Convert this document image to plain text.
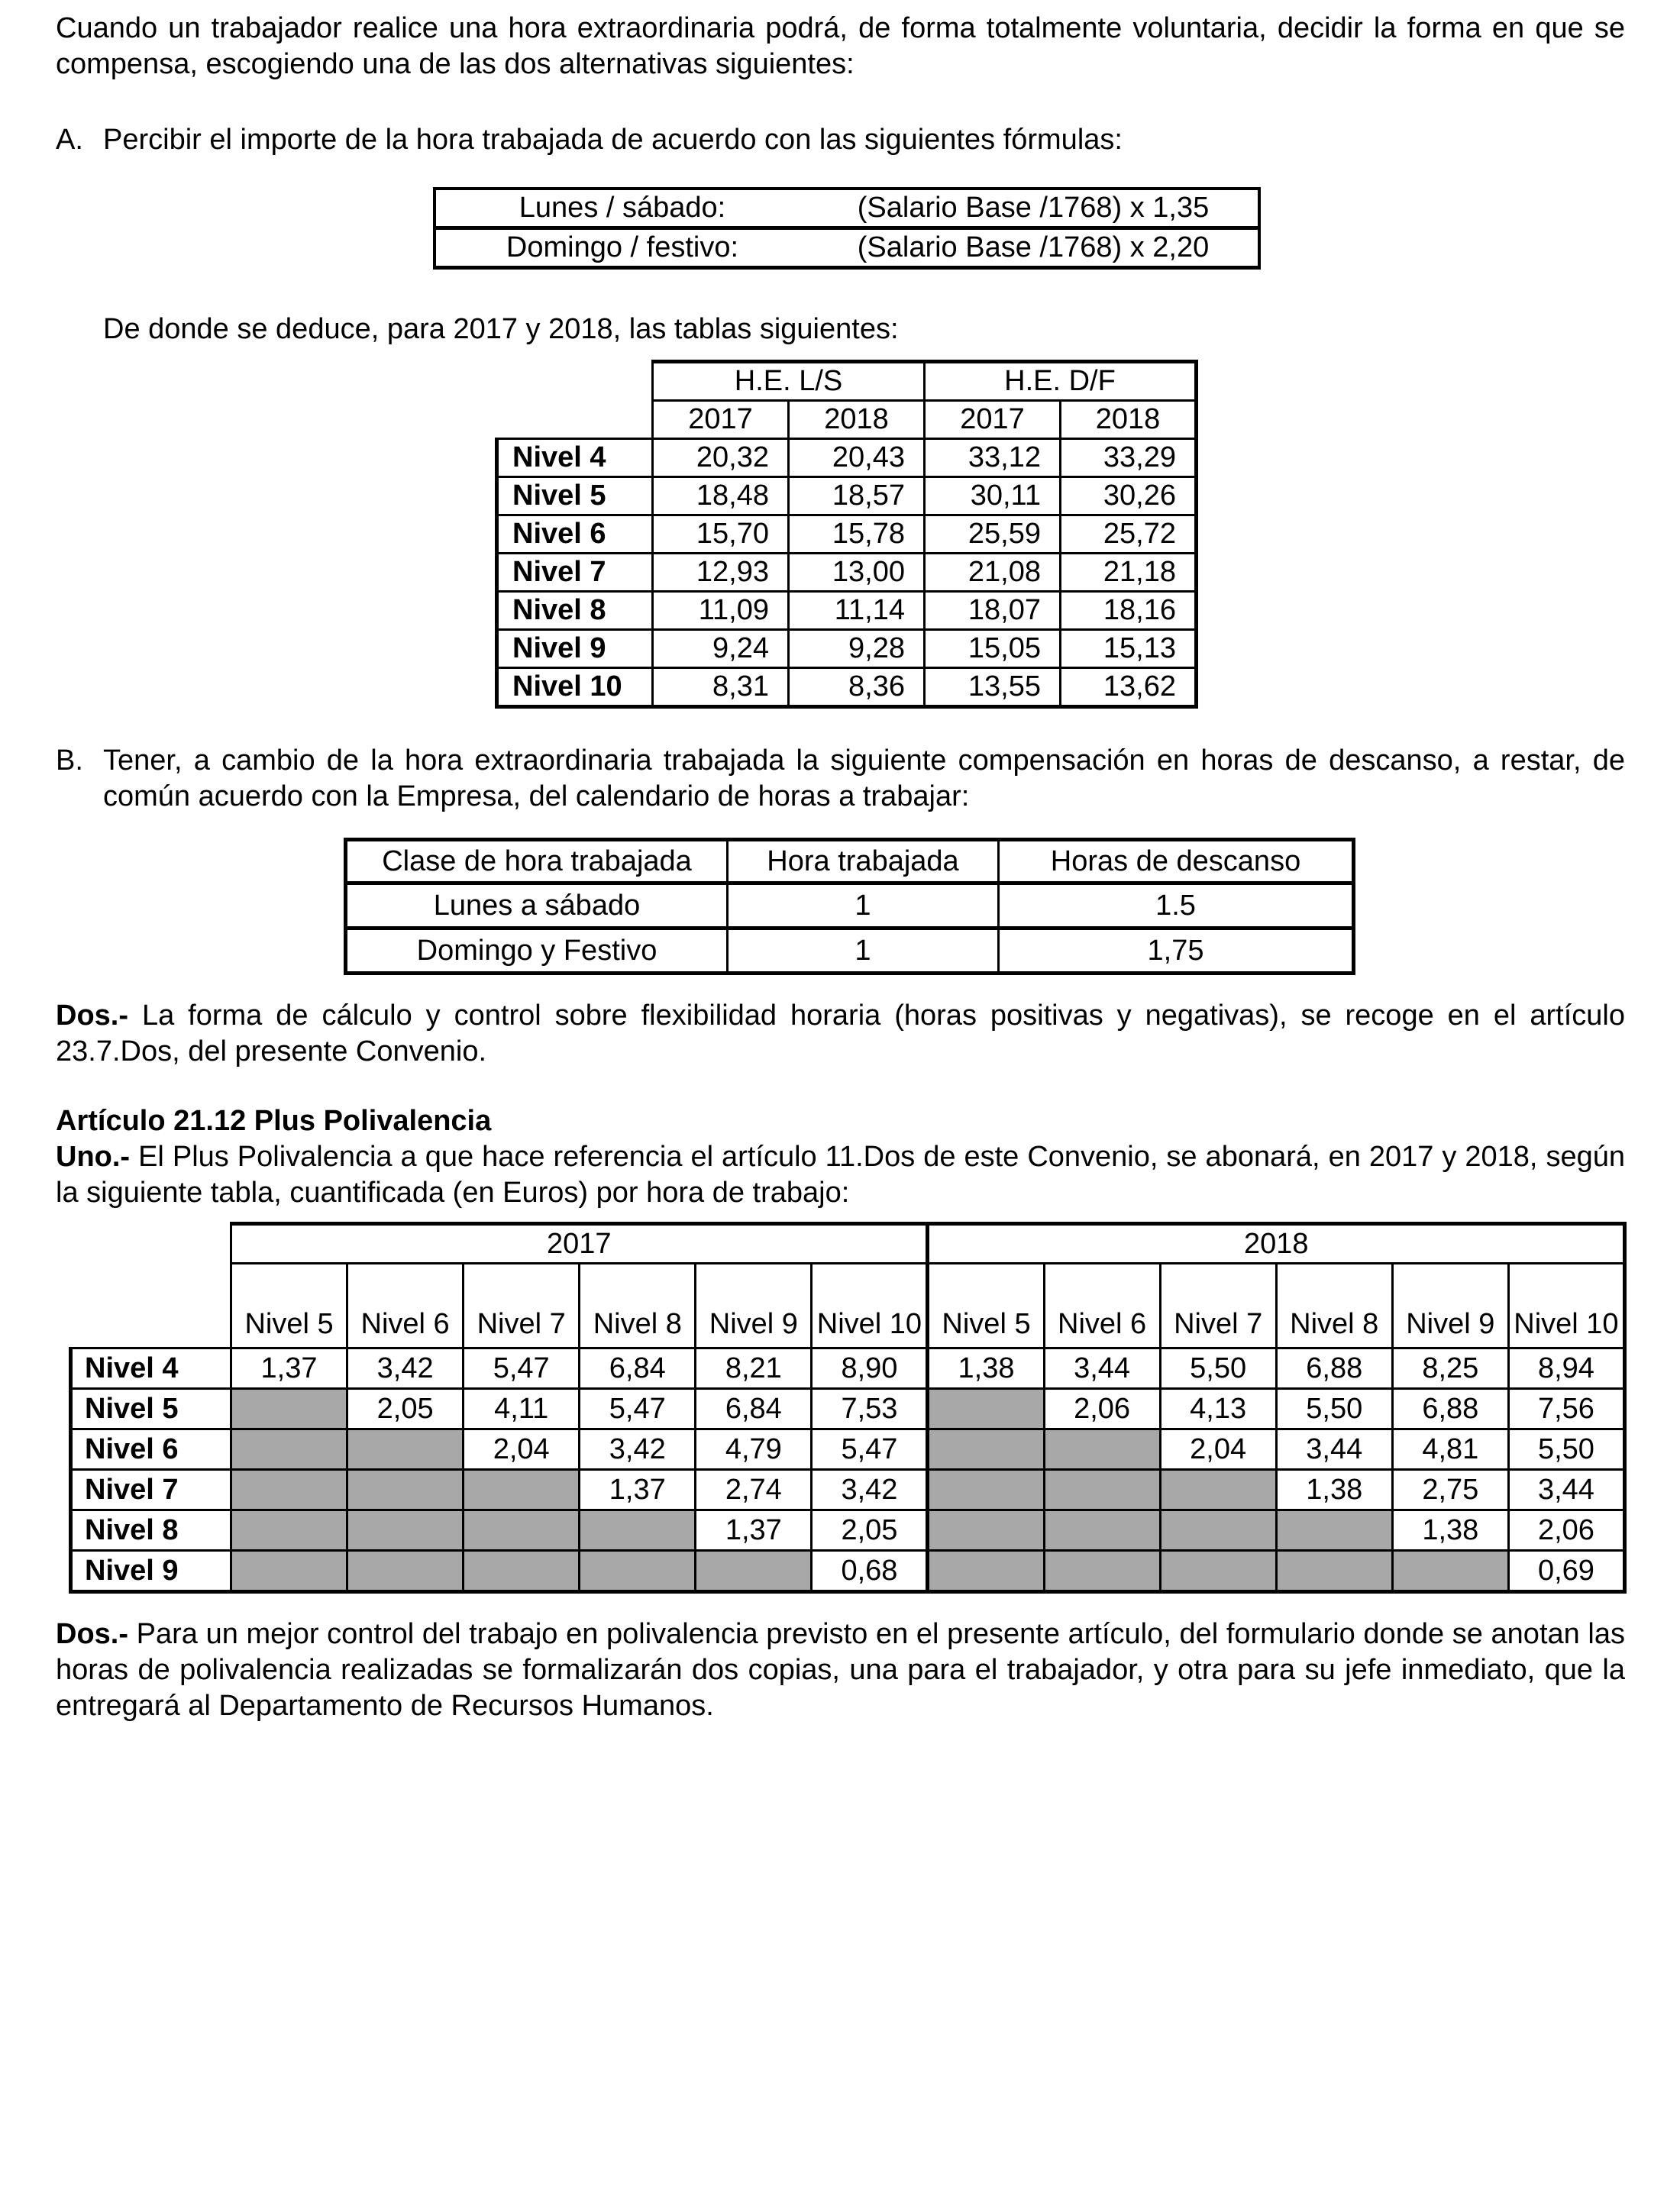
Cuando un trabajador realice una hora extraordinaria podrá, de forma totalmente voluntaria, decidir la forma en que se compensa, escogiendo una de las dos alternativas siguientes:

A. Percibir el importe de la hora trabajada de acuerdo con las siguientes fórmulas:
Lunes / sábado:	(Salario Base /1768) x 1,35
Domingo / festivo:	(Salario Base /1768) x 2,20

De donde se deduce, para 2017 y 2018, las tablas siguientes:

	H.E. L/S		H.E. D/F	
	2017	2018	2017	2018
Nivel 4	20,32	20,43	33,12	33,29
Nivel 5	18,48	18,57	30,11	30,26
Nivel 6	15,70	15,78	25,59	25,72
Nivel 7	12,93	13,00	21,08	21,18
Nivel 8	11,09	11,14	18,07	18,16
Nivel 9	9,24	9,28	15,05	15,13
Nivel 10	8,31	8,36	13,55	13,62
B. Tener, a cambio de la hora extraordinaria trabajada la siguiente compensación en horas de descanso, a restar, de común acuerdo con la Empresa, del calendario de horas a trabajar:
Clase de hora trabajada	Hora trabajada	Horas de descanso
Lunes a sábado	1	1.5
Domingo y Festivo	1	1,75

Dos.- La forma de cálculo y control sobre flexibilidad horaria (horas positivas y negativas), se recoge en el artículo 23.7.Dos, del presente Convenio.

Artículo 21.12 Plus Polivalencia

Uno.- El Plus Polivalencia a que hace referencia el artículo 11.Dos de este Convenio, se abonará, en 2017 y 2018, según la siguiente tabla, cuantificada (en Euros) por hora de trabajo:

	2017						2018					
	Nivel 5	Nivel 6	Nivel 7	Nivel 8	Nivel 9	Nivel 10	Nivel 5	Nivel 6	Nivel 7	Nivel 8	Nivel 9	Nivel 10
Nivel 4	1,37	3,42	5,47	6,84	8,21	8,90	1,38	3,44	5,50	6,88	8,25	8,94
Nivel 5		2,05	4,11	5,47	6,84	7,53		2,06	4,13	5,50	6,88	7,56
Nivel 6			2,04	3,42	4,79	5,47			2,04	3,44	4,81	5,50
Nivel 7				1,37	2,74	3,42				1,38	2,75	3,44
Nivel 8					1,37	2,05					1,38	2,06
Nivel 9						0,68						0,69

Dos.- Para un mejor control del trabajo en polivalencia previsto en el presente artículo, del formulario donde se anotan las horas de polivalencia realizadas se formalizarán dos copias, una para el trabajador, y otra para su jefe inmediato, que la entregará al Departamento de Recursos Humanos.
